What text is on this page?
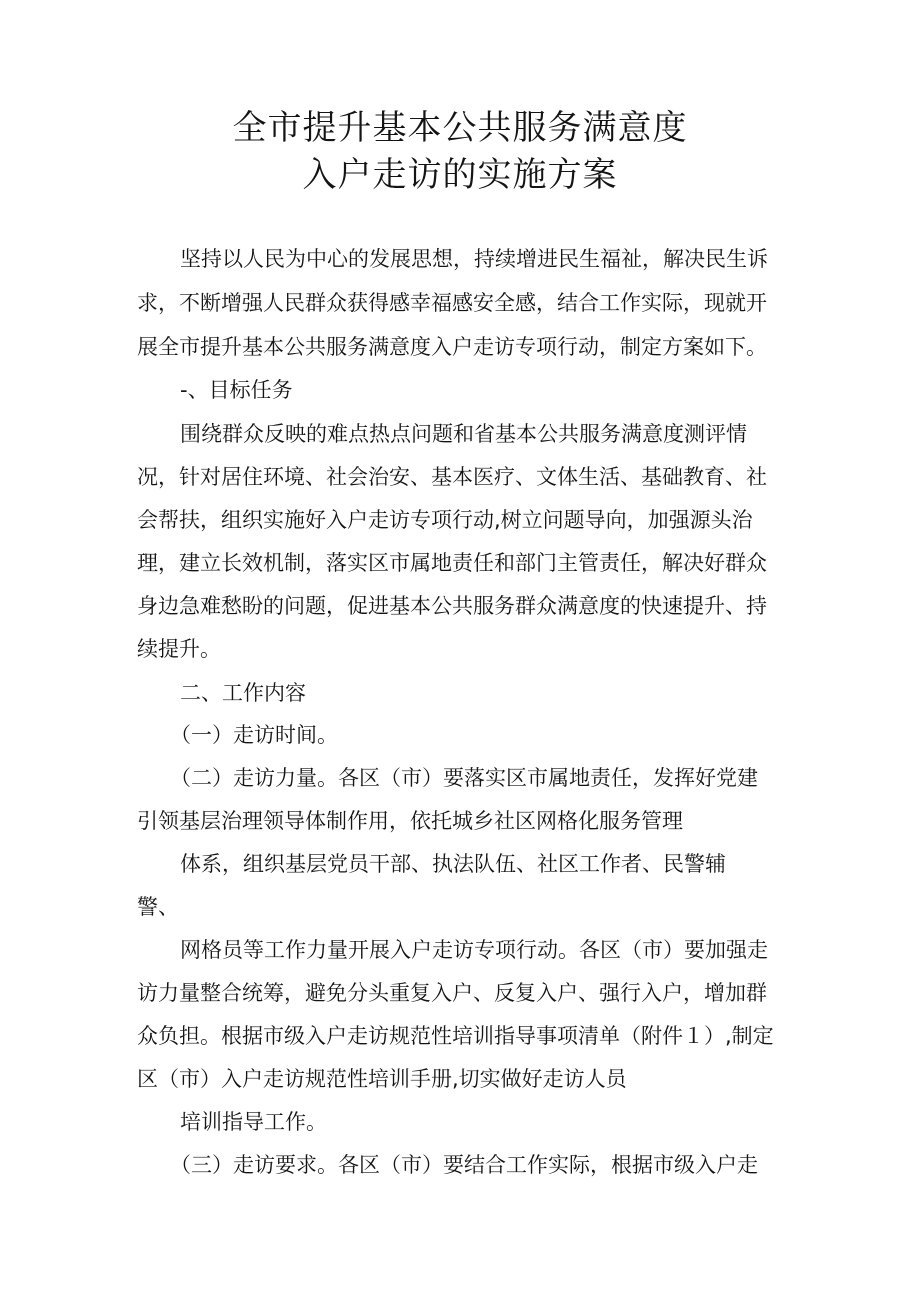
全市提升基本公共服务满意度
入户走访的实施方案
坚持以人民为中心的发展思想，持续增进民生福祉，解决民生诉
求，不断增强人民群众获得感幸福感安全感，结合工作实际，现就开
展全市提升基本公共服务满意度入户走访专项行动，制定方案如下。
-、目标任务
围绕群众反映的难点热点问题和省基本公共服务满意度测评情
况，针对居住环境、社会治安、基本医疗、文体生活、基础教育、社
会帮扶，组织实施好入户走访专项行动,树立问题导向，加强源头治
理，建立长效机制，落实区市属地责任和部门主管责任，解决好群众
身边急难愁盼的问题，促进基本公共服务群众满意度的快速提升、持
续提升。
二、工作内容
（一）走访时间。
（二）走访力量。各区（市）要落实区市属地责任，发挥好党建
引领基层治理领导体制作用，依托城乡社区网格化服务管理
体系，组织基层党员干部、执法队伍、社区工作者、民警辅
警、
网格员等工作力量开展入户走访专项行动。各区（市）要加强走
访力量整合统筹，避免分头重复入户、反复入户、强行入户，增加群
众负担。根据市级入户走访规范性培训指导事项清单（附件１）,制定
区（市）入户走访规范性培训手册,切实做好走访人员
培训指导工作。
（三）走访要求。各区（市）要结合工作实际，根据市级入户走
